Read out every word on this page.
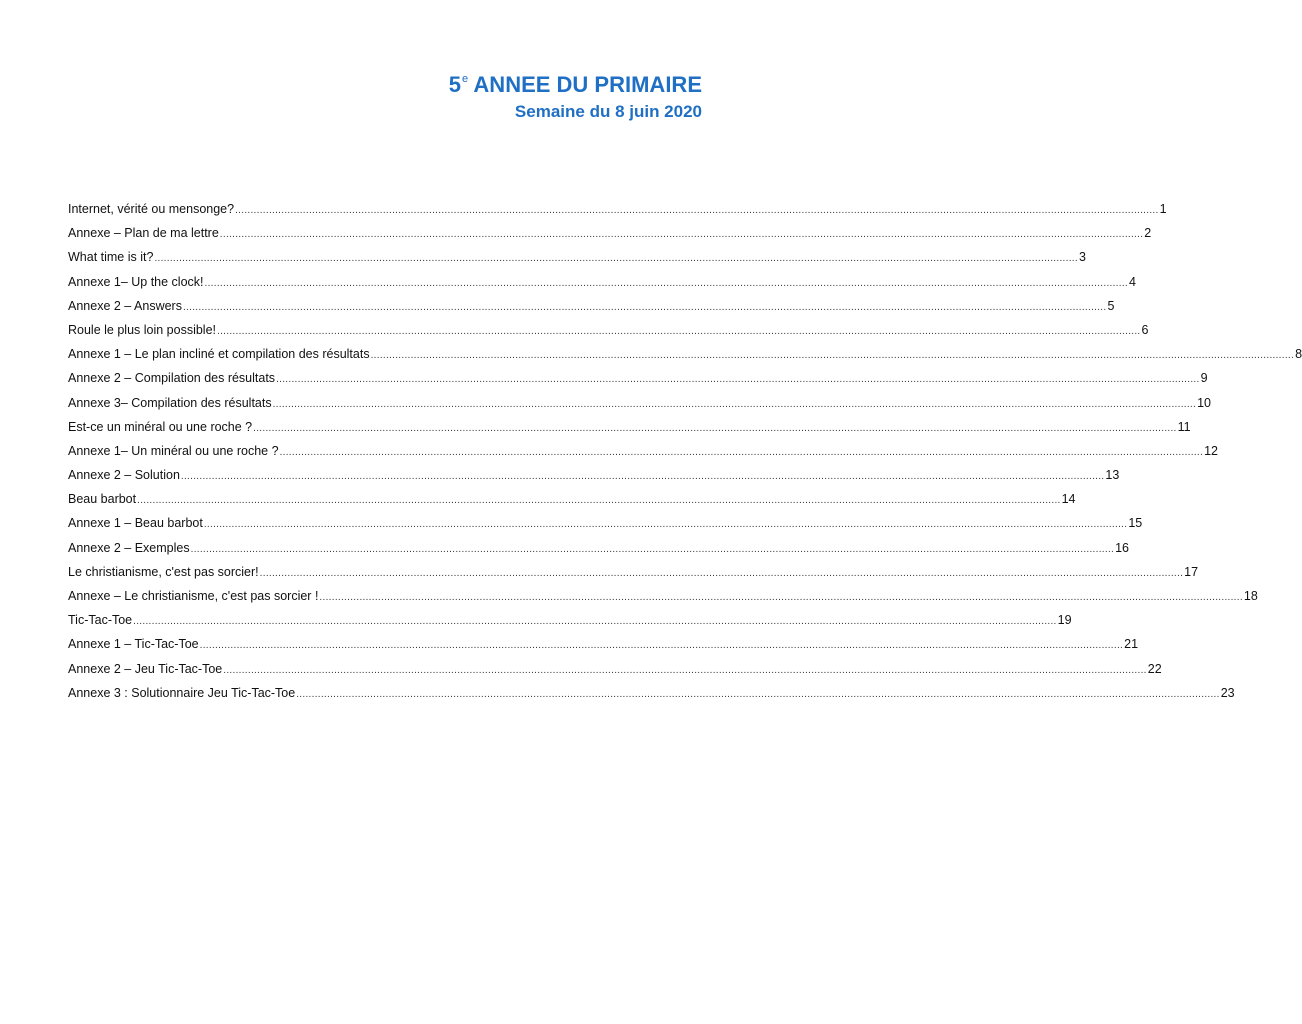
5e ANNEE DU PRIMAIRE
Semaine du 8 juin 2020
Internet, vérité ou mensonge? ............................................................................................................................................................................................................................................................................................................ 1
Annexe – Plan de ma lettre ............................................................................................................................................................................................................................................................................................................ 2
What time is it? ............................................................................................................................................................................................................................................................................................................ 3
Annexe 1– Up the clock! ............................................................................................................................................................................................................................................................................................................ 4
Annexe 2 – Answers ............................................................................................................................................................................................................................................................................................................ 5
Roule le plus loin possible! ............................................................................................................................................................................................................................................................................................................ 6
Annexe 1 – Le plan incliné et compilation des résultats ............................................................................................................................................................................................................................................................................................................ 8
Annexe 2 – Compilation des résultats ............................................................................................................................................................................................................................................................................................................ 9
Annexe 3– Compilation des résultats ............................................................................................................................................................................................................................................................................................................ 10
Est-ce un minéral ou une roche ? ............................................................................................................................................................................................................................................................................................................ 11
Annexe 1– Un minéral ou une roche ? ............................................................................................................................................................................................................................................................................................................ 12
Annexe 2 – Solution ............................................................................................................................................................................................................................................................................................................ 13
Beau barbot ............................................................................................................................................................................................................................................................................................................ 14
Annexe 1 – Beau barbot ............................................................................................................................................................................................................................................................................................................ 15
Annexe 2 – Exemples ............................................................................................................................................................................................................................................................................................................ 16
Le christianisme, c'est pas sorcier! ............................................................................................................................................................................................................................................................................................................ 17
Annexe – Le christianisme, c'est pas sorcier ! ............................................................................................................................................................................................................................................................................................................ 18
Tic-Tac-Toe ............................................................................................................................................................................................................................................................................................................ 19
Annexe 1 – Tic-Tac-Toe ............................................................................................................................................................................................................................................................................................................ 21
Annexe 2 – Jeu Tic-Tac-Toe ............................................................................................................................................................................................................................................................................................................ 22
Annexe 3 : Solutionnaire Jeu Tic-Tac-Toe ............................................................................................................................................................................................................................................................................................................ 23
